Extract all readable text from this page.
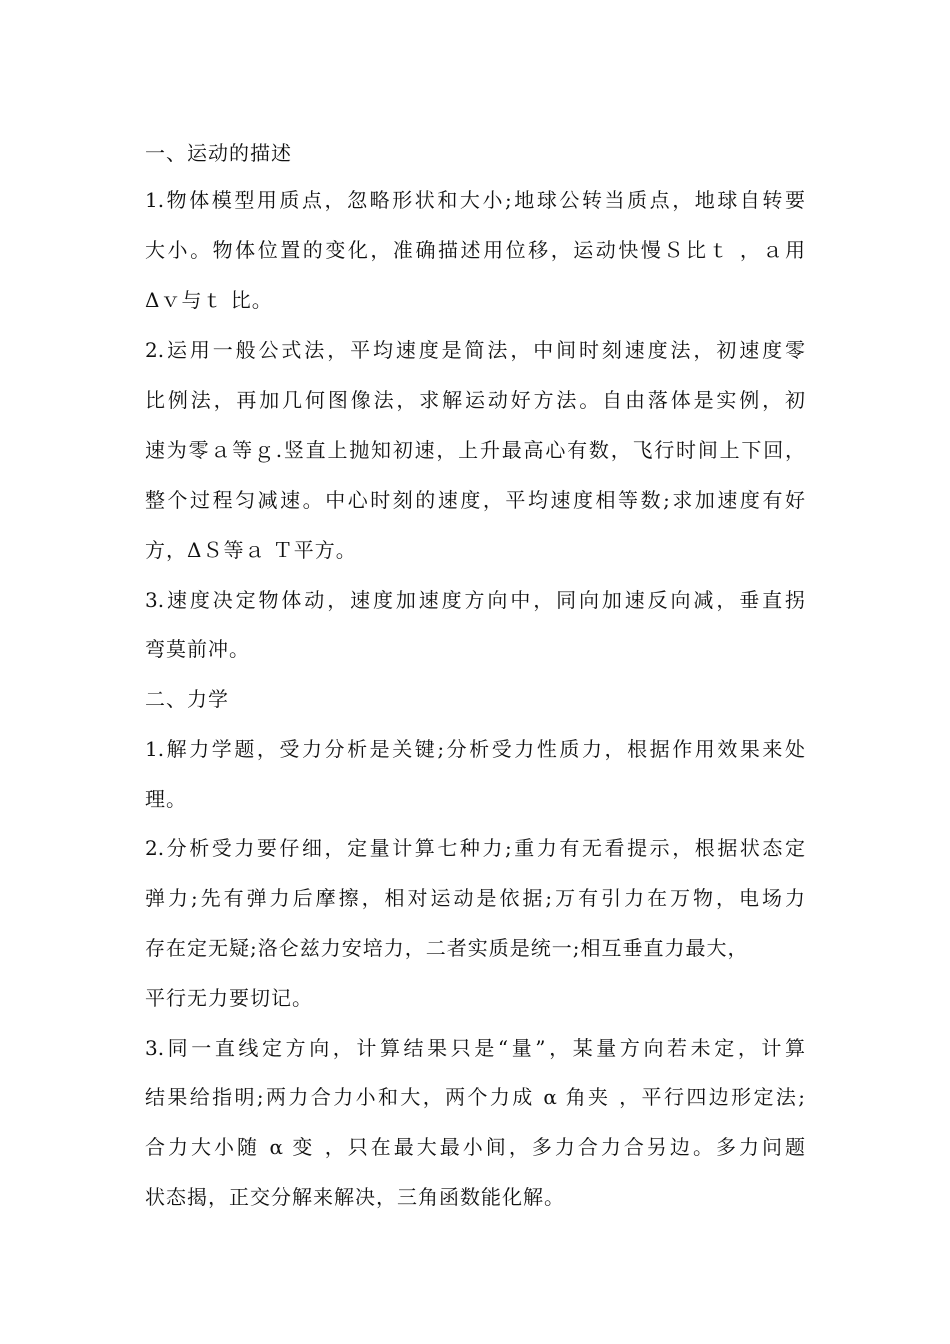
一、运动的描述

1.物体模型用质点，忽略形状和大小;地球公转当质点，地球自转要

大小。物体位置的变化，准确描述用位移，运动快慢Ｓ比ｔ ，ａ用

Δｖ与ｔ 比。

2.运用一般公式法，平均速度是简法，中间时刻速度法，初速度零

比例法，再加几何图像法，求解运动好方法。自由落体是实例，初

速为零ａ等ｇ.竖直上抛知初速，上升最高心有数，飞行时间上下回，

整个过程匀减速。中心时刻的速度，平均速度相等数;求加速度有好

方，ΔＳ等ａ Ｔ平方。

3.速度决定物体动，速度加速度方向中，同向加速反向减，垂直拐

弯莫前冲。

二、力学

1.解力学题，受力分析是关键;分析受力性质力，根据作用效果来处

理。

2.分析受力要仔细，定量计算七种力;重力有无看提示，根据状态定

弹力;先有弹力后摩擦，相对运动是依据;万有引力在万物，电场力

存在定无疑;洛仑兹力安培力，二者实质是统一;相互垂直力最大，

平行无力要切记。

3.同一直线定方向，计算结果只是“量”，某量方向若未定，计算

结果给指明;两力合力小和大，两个力成 α 角夹 ，平行四边形定法;

合力大小随 α 变 ，只在最大最小间，多力合力合另边。多力问题

状态揭，正交分解来解决，三角函数能化解。
